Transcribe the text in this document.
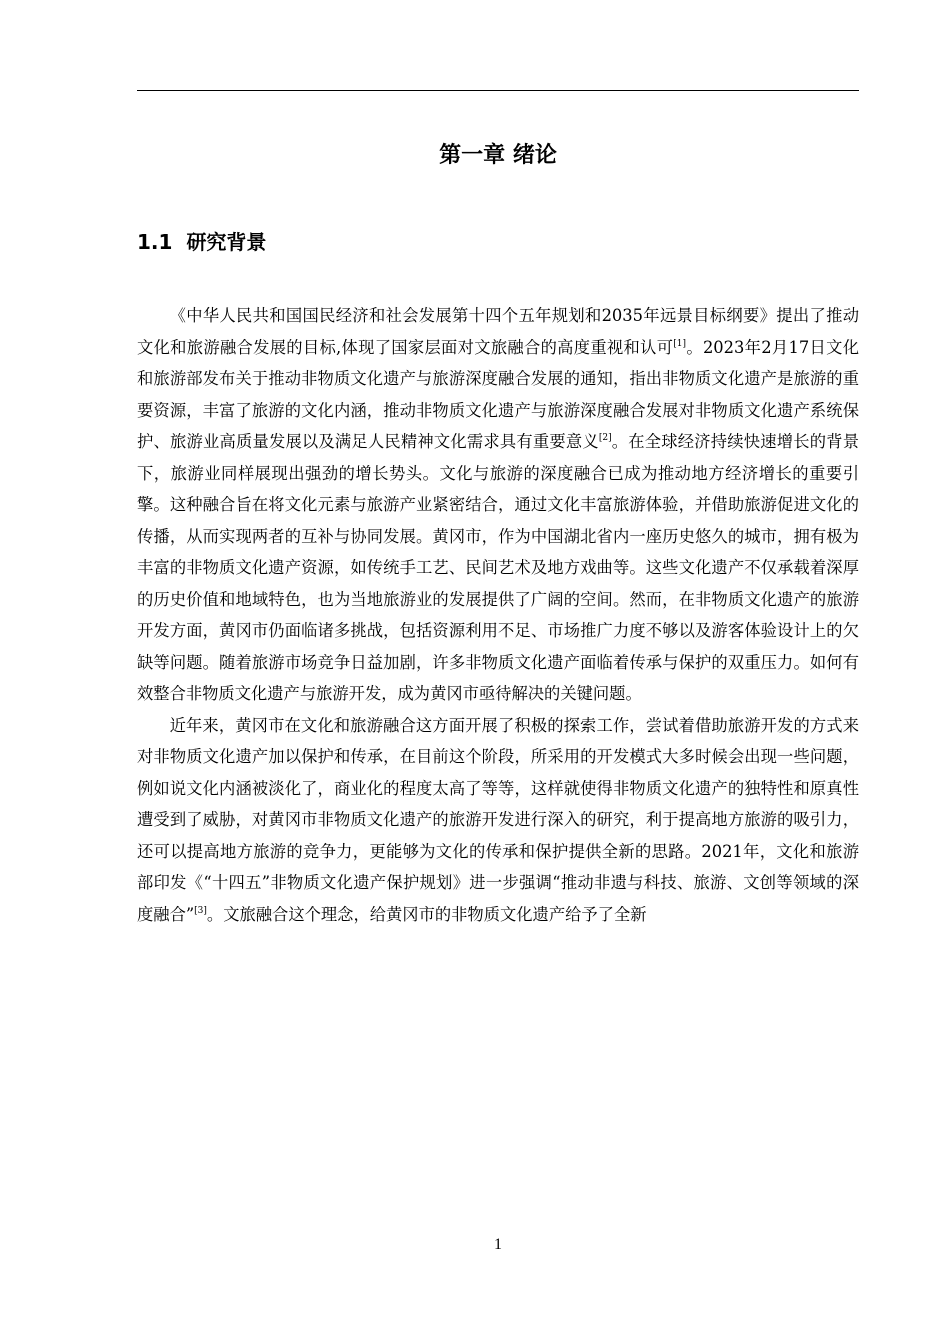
第一章 绪论
1.1 研究背景

《中华人民共和国国民经济和社会发展第十四个五年规划和2035年远景目标纲要》提出了推动文化和旅游融合发展的目标,体现了国家层面对文旅融合的高度重视和认可[1]。2023年2月17日文化和旅游部发布关于推动非物质文化遗产与旅游深度融合发展的通知，指出非物质文化遗产是旅游的重要资源，丰富了旅游的文化内涵，推动非物质文化遗产与旅游深度融合发展对非物质文化遗产系统保护、旅游业高质量发展以及满足人民精神文化需求具有重要意义[2]。在全球经济持续快速增长的背景下，旅游业同样展现出强劲的增长势头。文化与旅游的深度融合已成为推动地方经济增长的重要引擎。这种融合旨在将文化元素与旅游产业紧密结合，通过文化丰富旅游体验，并借助旅游促进文化的传播，从而实现两者的互补与协同发展。黄冈市，作为中国湖北省内一座历史悠久的城市，拥有极为丰富的非物质文化遗产资源，如传统手工艺、民间艺术及地方戏曲等。这些文化遗产不仅承载着深厚的历史价值和地域特色，也为当地旅游业的发展提供了广阔的空间。然而，在非物质文化遗产的旅游开发方面，黄冈市仍面临诸多挑战，包括资源利用不足、市场推广力度不够以及游客体验设计上的欠缺等问题。随着旅游市场竞争日益加剧，许多非物质文化遗产面临着传承与保护的双重压力。如何有效整合非物质文化遗产与旅游开发，成为黄冈市亟待解决的关键问题。

近年来，黄冈市在文化和旅游融合这方面开展了积极的探索工作，尝试着借助旅游开发的方式来对非物质文化遗产加以保护和传承，在目前这个阶段，所采用的开发模式大多时候会出现一些问题，例如说文化内涵被淡化了，商业化的程度太高了等等，这样就使得非物质文化遗产的独特性和原真性遭受到了威胁，对黄冈市非物质文化遗产的旅游开发进行深入的研究，利于提高地方旅游的吸引力，还可以提高地方旅游的竞争力，更能够为文化的传承和保护提供全新的思路。2021年，文化和旅游部印发《“十四五”非物质文化遗产保护规划》进一步强调“推动非遗与科技、旅游、文创等领域的深度融合”[3]。文旅融合这个理念，给黄冈市的非物质文化遗产给予了全新

1
